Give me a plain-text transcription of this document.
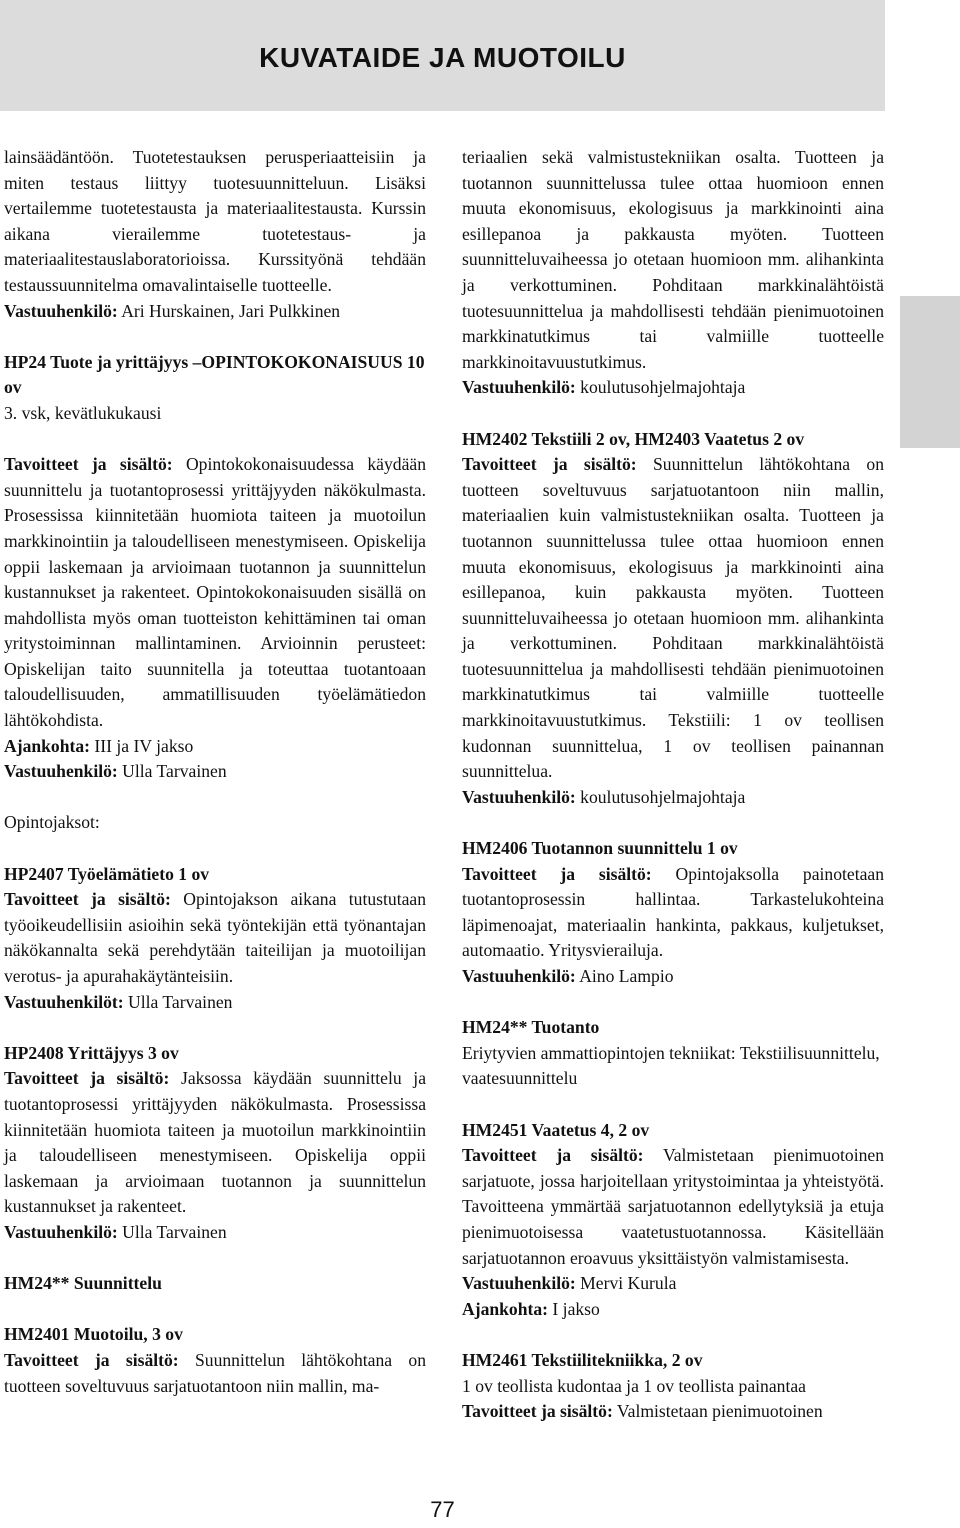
KUVATAIDE JA MUOTOILU

lainsäädäntöön. Tuotetestauksen perusperiaatteisiin ja miten testaus liittyy tuotesuunnitteluun. Lisäksi vertailemme tuotetestausta ja materiaalitestausta. Kurssin aikana vierailemme tuotetestaus- ja materiaalitestauslaboratorioissa. Kurssityönä tehdään testaussuunnitelma omavalintaiselle tuotteelle.

Vastuuhenkilö: Ari Hurskainen, Jari Pulkkinen

HP24 Tuote ja yrittäjyys –OPINTOKOKONAISUUS 10 ov

3. vsk, kevätlukukausi

Tavoitteet ja sisältö: Opintokokonaisuudessa käydään suunnittelu ja tuotantoprosessi yrittäjyyden näkökulmasta. Prosessissa kiinnitetään huomiota taiteen ja muotoilun markkinointiin ja taloudelliseen menestymiseen. Opiskelija oppii laskemaan ja arvioimaan tuotannon ja suunnittelun kustannukset ja rakenteet. Opintokokonaisuuden sisällä on mahdollista myös oman tuotteiston kehittäminen tai oman yritystoiminnan mallintaminen. Arvioinnin perusteet: Opiskelijan taito suunnitella ja toteuttaa tuotantoaan taloudellisuuden, ammatillisuuden työelämätiedon lähtökohdista.

Ajankohta: III ja IV jakso

Vastuuhenkilö: Ulla Tarvainen

Opintojaksot:

HP2407 Työelämätieto 1 ov

Tavoitteet ja sisältö: Opintojakson aikana tutustutaan työoikeudellisiin asioihin sekä työntekijän että työnantajan näkökannalta sekä perehdytään taiteilijan ja muotoilijan verotus- ja apurahakäytänteisiin.

Vastuuhenkilöt: Ulla Tarvainen

HP2408 Yrittäjyys 3 ov

Tavoitteet ja sisältö: Jaksossa käydään suunnittelu ja tuotantoprosessi yrittäjyyden näkökulmasta. Prosessissa kiinnitetään huomiota taiteen ja muotoilun markkinointiin ja taloudelliseen menestymiseen. Opiskelija oppii laskemaan ja arvioimaan tuotannon ja suunnittelun kustannukset ja rakenteet.

Vastuuhenkilö: Ulla Tarvainen

HM24** Suunnittelu

HM2401 Muotoilu, 3 ov

Tavoitteet ja sisältö: Suunnittelun lähtökohtana on tuotteen soveltuvuus sarjatuotantoon niin mallin, ma-

teriaalien sekä valmistustekniikan osalta. Tuotteen ja tuotannon suunnittelussa tulee ottaa huomioon ennen muuta ekonomisuus, ekologisuus ja markkinointi aina esillepanoa ja pakkausta myöten. Tuotteen suunnitteluvaiheessa jo otetaan huomioon mm. alihankinta ja verkottuminen. Pohditaan markkinalähtöistä tuotesuunnittelua ja mahdollisesti tehdään pienimuotoinen markkinatutkimus tai valmiille tuotteelle markkinoitavuustutkimus.

Vastuuhenkilö: koulutusohjelmajohtaja

HM2402 Tekstiili 2 ov, HM2403 Vaatetus 2 ov

Tavoitteet ja sisältö: Suunnittelun lähtökohtana on tuotteen soveltuvuus sarjatuotantoon niin mallin, materiaalien kuin valmistustekniikan osalta. Tuotteen ja tuotannon suunnittelussa tulee ottaa huomioon ennen muuta ekonomisuus, ekologisuus ja markkinointi aina esillepanoa, kuin pakkausta myöten. Tuotteen suunnitteluvaiheessa jo otetaan huomioon mm. alihankinta ja verkottuminen. Pohditaan markkinalähtöistä tuotesuunnittelua ja mahdollisesti tehdään pienimuotoinen markkinatutkimus tai valmiille tuotteelle markkinoitavuustutkimus. Tekstiili: 1 ov teollisen kudonnan suunnittelua, 1 ov teollisen painannan suunnittelua.

Vastuuhenkilö: koulutusohjelmajohtaja

HM2406 Tuotannon suunnittelu 1 ov

Tavoitteet ja sisältö: Opintojaksolla painotetaan tuotantoprosessin hallintaa. Tarkastelukohteina läpimenoajat, materiaalin hankinta, pakkaus, kuljetukset, automaatio. Yritysvierailuja.

Vastuuhenkilö: Aino Lampio

HM24** Tuotanto

Eriytyvien ammattiopintojen tekniikat: Tekstiilisuunnittelu, vaatesuunnittelu

HM2451 Vaatetus 4, 2 ov

Tavoitteet ja sisältö: Valmistetaan pienimuotoinen sarjatuote, jossa harjoitellaan yritystoimintaa ja yhteistyötä. Tavoitteena ymmärtää sarjatuotannon edellytyksiä ja etuja pienimuotoisessa vaatetustuotannossa. Käsitellään sarjatuotannon eroavuus yksittäistyön valmistamisesta.

Vastuuhenkilö: Mervi Kurula

Ajankohta: I jakso

HM2461 Tekstiilitekniikka, 2 ov

1 ov teollista kudontaa ja 1 ov teollista painantaa

Tavoitteet ja sisältö: Valmistetaan pienimuotoinen

77
